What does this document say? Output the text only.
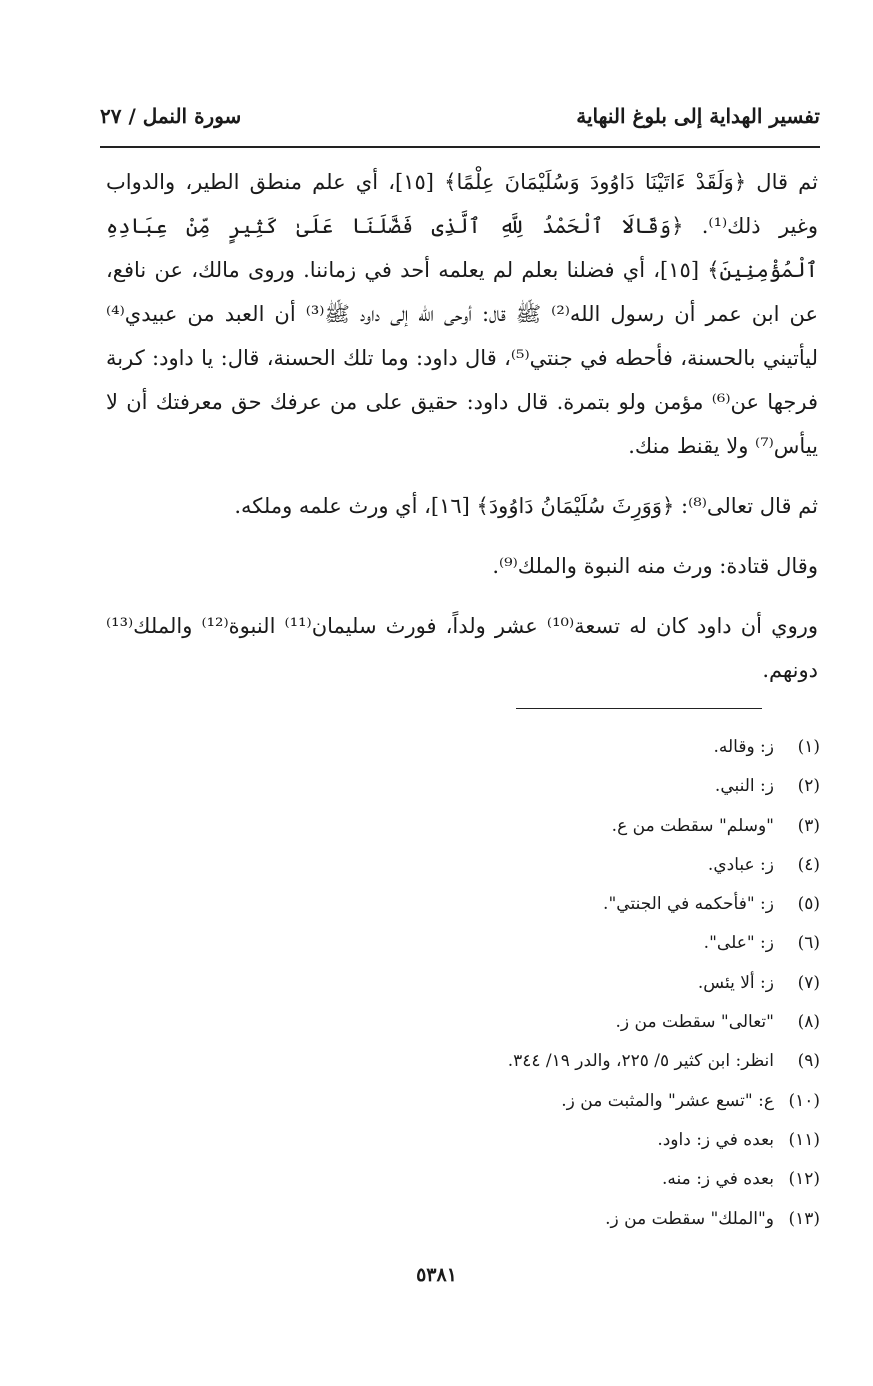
تفسير الهداية إلى بلوغ النهاية
سورة النمل / ٢٧

ثم قال ﴿وَلَقَدْ ءَاتَيْنَا دَاوُودَ وَسُلَيْمَانَ عِلْمًا﴾ [١٥]، أي علم منطق الطير، والدواب وغير ذلك⁽¹⁾. ﴿وَقَالَا ٱلْحَمْدُ لِلَّهِ ٱلَّذِى فَضَّلَنَا عَلَىٰ كَثِيرٍ مِّنْ عِبَادِهِ ٱلْمُؤْمِنِينَ﴾ [١٥]، أي فضلنا بعلم لم يعلمه أحد في زماننا. وروى مالك، عن نافع، عن ابن عمر أن رسول الله⁽²⁾ ﷺ قال: أوحى الله إلى داود ﷺ⁽³⁾ أن العبد من عبيدي⁽⁴⁾ ليأتيني بالحسنة، فأحطه في جنتي⁽⁵⁾، قال داود: وما تلك الحسنة، قال: يا داود: كربة فرجها عن⁽⁶⁾ مؤمن ولو بتمرة. قال داود: حقيق على من عرفك حق معرفتك أن لا ييأس⁽⁷⁾ ولا يقنط منك.

ثم قال تعالى⁽⁸⁾: ﴿وَوَرِثَ سُلَيْمَانُ دَاوُودَ﴾ [١٦]، أي ورث علمه وملكه.

وقال قتادة: ورث منه النبوة والملك⁽⁹⁾.

وروي أن داود كان له تسعة⁽¹⁰⁾ عشر ولداً، فورث سليمان⁽¹¹⁾ النبوة⁽¹²⁾ والملك⁽¹³⁾ دونهم.

(١)ز: وقاله.
(٢)ز: النبي.
(٣)"وسلم" سقطت من ع.
(٤)ز: عبادي.
(٥)ز: "فأحكمه في الجنتي".
(٦)ز: "على".
(٧)ز: ألا يئس.
(٨)"تعالى" سقطت من ز.
(٩)انظر: ابن كثير ٥/ ٢٢٥، والدر ١٩/ ٣٤٤.
(١٠)ع: "تسع عشر" والمثبت من ز.
(١١)بعده في ز: داود.
(١٢)بعده في ز: منه.
(١٣)و"الملك" سقطت من ز.
٥٣٨١
